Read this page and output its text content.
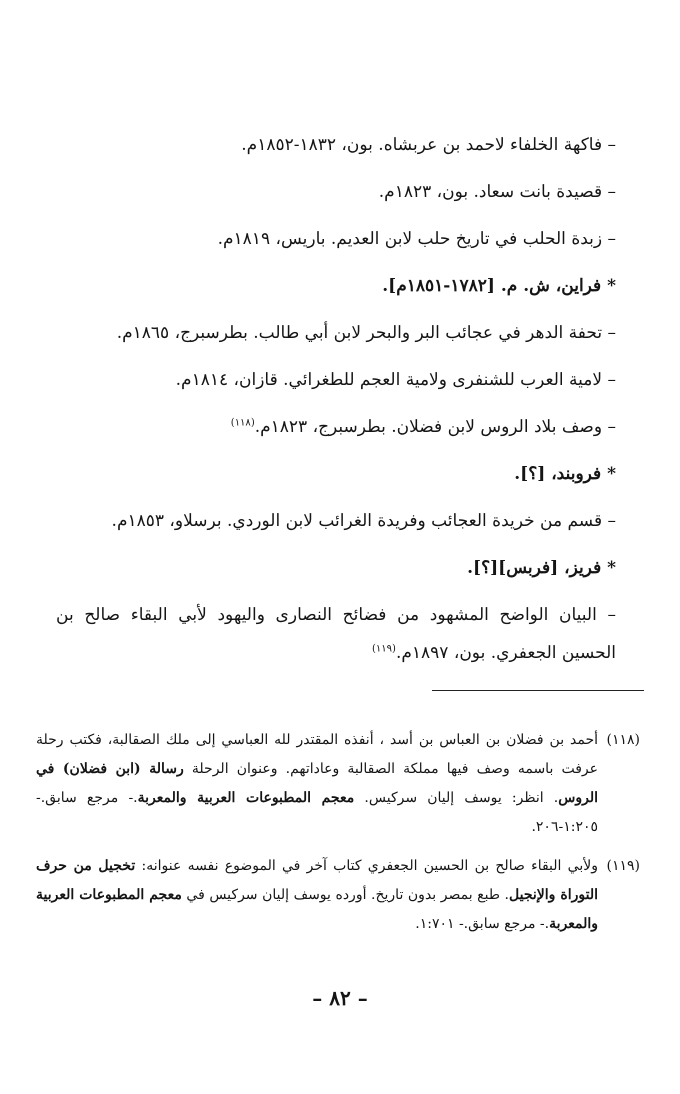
– فاكهة الخلفاء لاحمد بن عربشاه. بون، ١٨٣٢-١٨٥٢م.
– قصيدة بانت سعاد. بون، ١٨٢٣م.
– زبدة الحلب في تاريخ حلب لابن العديم. باريس، ١٨١٩م.
* فراين، ش. م. [١٧٨٢-١٨٥١م].
– تحفة الدهر في عجائب البر والبحر لابن أبي طالب. بطرسبرج، ١٨٦٥م.
– لامية العرب للشنفرى ولامية العجم للطغرائي. قازان، ١٨١٤م.
– وصف بلاد الروس لابن فضلان. بطرسبرج، ١٨٢٣م.$^{(١١٨)}$
* فروبند، [؟].
– قسم من خريدة العجائب وفريدة الغرائب لابن الوردي. برسلاو، ١٨٥٣م.
* فريز، [فربس][؟].
– البيان الواضح المشهود من فضائح النصارى واليهود لأبي البقاء صالح بن الحسين الجعفري. بون، ١٨٩٧م.$^{(١١٩)}$
(١١٨)
أحمد بن فضلان بن العباس بن أسد ، أنفذه المقتدر لله العباسي إلى ملك الصقالبة، فكتب رحلة عرفت باسمه وصف فيها مملكة الصقالبة وعاداتهم. وعنوان الرحلة رسالة (ابن فضلان) في الروس. انظر: يوسف إليان سركيس. معجم المطبوعات العربية والمعربة.- مرجع سابق.- ١:٢٠٥-٢٠٦.
(١١٩)
ولأبي البقاء صالح بن الحسين الجعفري كتاب آخر في الموضوع نفسه عنوانه: تخجيل من حرف التوراة والإنجيل. طبع بمصر بدون تاريخ. أورده يوسف إليان سركيس في معجم المطبوعات العربية والمعربة.- مرجع سابق.- ١:٧٠١.
– ٨٢ –
